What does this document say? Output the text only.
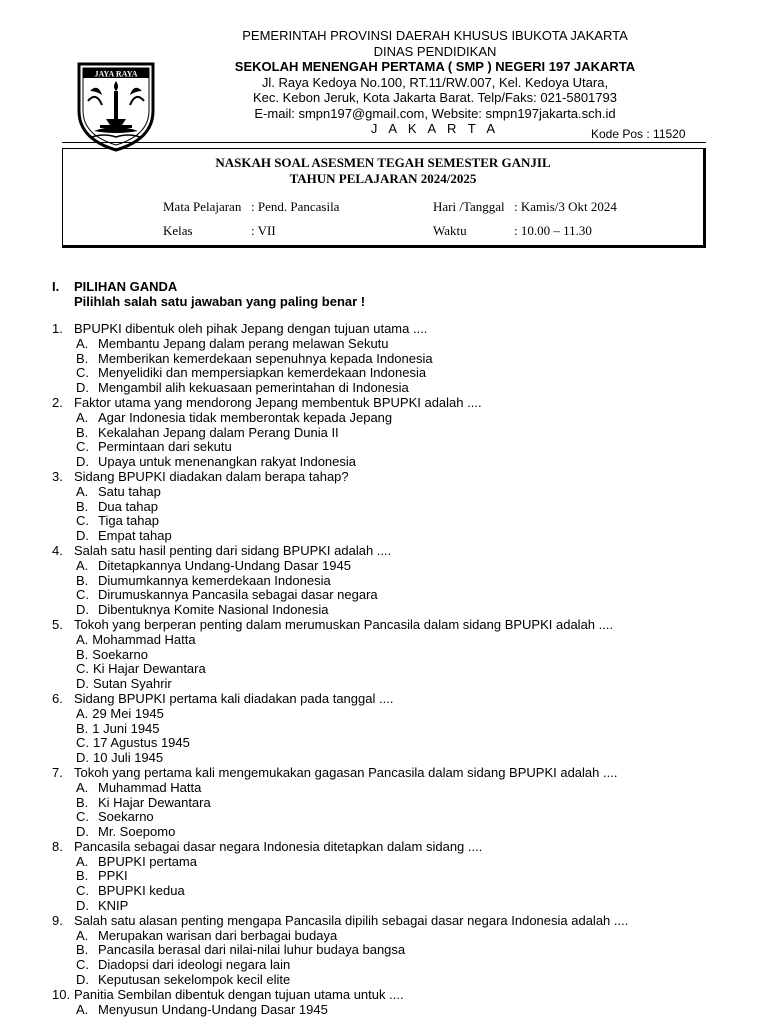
JAYA RAYA
PEMERINTAH PROVINSI DAERAH KHUSUS IBUKOTA JAKARTA
DINAS PENDIDIKAN
SEKOLAH MENENGAH PERTAMA ( SMP ) NEGERI 197 JAKARTA
Jl. Raya Kedoya No.100, RT.11/RW.007, Kel. Kedoya Utara,
Kec. Kebon Jeruk, Kota Jakarta Barat. Telp/Faks: 021-5801793
E-mail: smpn197@gmail.com, Website: smpn197jakarta.sch.id
J A K A R T A	Kode Pos : 11520
NASKAH SOAL ASESMEN TEGAH SEMESTER GANJIL
TAHUN PELAJARAN 2024/2025
Mata Pelajaran : Pend. Pancasila	Hari /Tanggal : Kamis/3 Okt 2024
Kelas	: VII	Waktu	: 10.00 – 11.30
I. PILIHAN GANDA
Pilihlah salah satu jawaban yang paling benar !
1. BPUPKI dibentuk oleh pihak Jepang dengan tujuan utama ....
A. Membantu Jepang dalam perang melawan Sekutu
B. Memberikan kemerdekaan sepenuhnya kepada Indonesia
C. Menyelidiki dan mempersiapkan kemerdekaan Indonesia
D. Mengambil alih kekuasaan pemerintahan di Indonesia
2. Faktor utama yang mendorong Jepang membentuk BPUPKI adalah ....
A. Agar Indonesia tidak memberontak kepada Jepang
B. Kekalahan Jepang dalam Perang Dunia II
C. Permintaan dari sekutu
D. Upaya untuk menenangkan rakyat Indonesia
3. Sidang BPUPKI diadakan dalam berapa tahap?
A. Satu tahap
B. Dua tahap
C. Tiga tahap
D. Empat tahap
4. Salah satu hasil penting dari sidang BPUPKI adalah ....
A. Ditetapkannya Undang-Undang Dasar 1945
B. Diumumkannya kemerdekaan Indonesia
C. Dirumuskannya Pancasila sebagai dasar negara
D. Dibentuknya Komite Nasional Indonesia
5. Tokoh yang berperan penting dalam merumuskan Pancasila dalam sidang BPUPKI adalah ....
A. Mohammad Hatta
B. Soekarno
C. Ki Hajar Dewantara
D. Sutan Syahrir
6. Sidang BPUPKI pertama kali diadakan pada tanggal ....
A. 29 Mei 1945
B. 1 Juni 1945
C. 17 Agustus 1945
D. 10 Juli 1945
7. Tokoh yang pertama kali mengemukakan gagasan Pancasila dalam sidang BPUPKI adalah ....
A. Muhammad Hatta
B. Ki Hajar Dewantara
C. Soekarno
D. Mr. Soepomo
8. Pancasila sebagai dasar negara Indonesia ditetapkan dalam sidang ....
A. BPUPKI pertama
B. PPKI
C. BPUPKI kedua
D. KNIP
9. Salah satu alasan penting mengapa Pancasila dipilih sebagai dasar negara Indonesia adalah ....
A. Merupakan warisan dari berbagai budaya
B. Pancasila berasal dari nilai-nilai luhur budaya bangsa
C. Diadopsi dari ideologi negara lain
D. Keputusan sekelompok kecil elite
10. Panitia Sembilan dibentuk dengan tujuan utama untuk ....
A. Menyusun Undang-Undang Dasar 1945
